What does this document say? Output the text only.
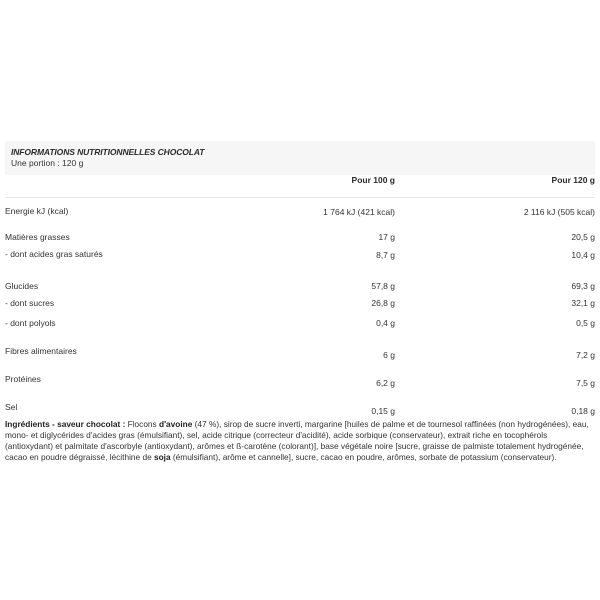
INFORMATIONS NUTRITIONNELLES CHOCOLAT
Une portion : 120 g
	Pour 100 g	Pour 120 g
Energie kJ (kcal)	1 764 kJ (421 kcal)	2 116 kJ (505 kcal)
Matières grasses	17 g	20,5 g
- dont acides gras saturés	8,7 g	10,4 g
Glucides	57,8 g	69,3 g
- dont sucres	26,8 g	32,1 g
- dont polyols	0,4 g	0,5 g
Fibres alimentaires	6 g	7,2 g
Protéines	6,2 g	7,5 g
Sel	0,15 g	0,18 g
Ingrédients - saveur chocolat : Flocons d'avoine (47 %), sirop de sucre inverti, margarine [huiles de palme et de tournesol raffinées (non hydrogénées), eau, mono- et diglycérides d'acides gras (émulsifiant), sel, acide citrique (correcteur d'acidité), acide sorbique (conservateur), extrait riche en tocophérols (antioxydant) et palmitate d'ascorbyle (antioxydant), arômes et ß-carotène (colorant)], base végétale noire [sucre, graisse de palmiste totalement hydrogénée, cacao en poudre dégraissé, lécithine de soja (émulsifiant), arôme et cannelle], sucre, cacao en poudre, arômes, sorbate de potassium (conservateur).
